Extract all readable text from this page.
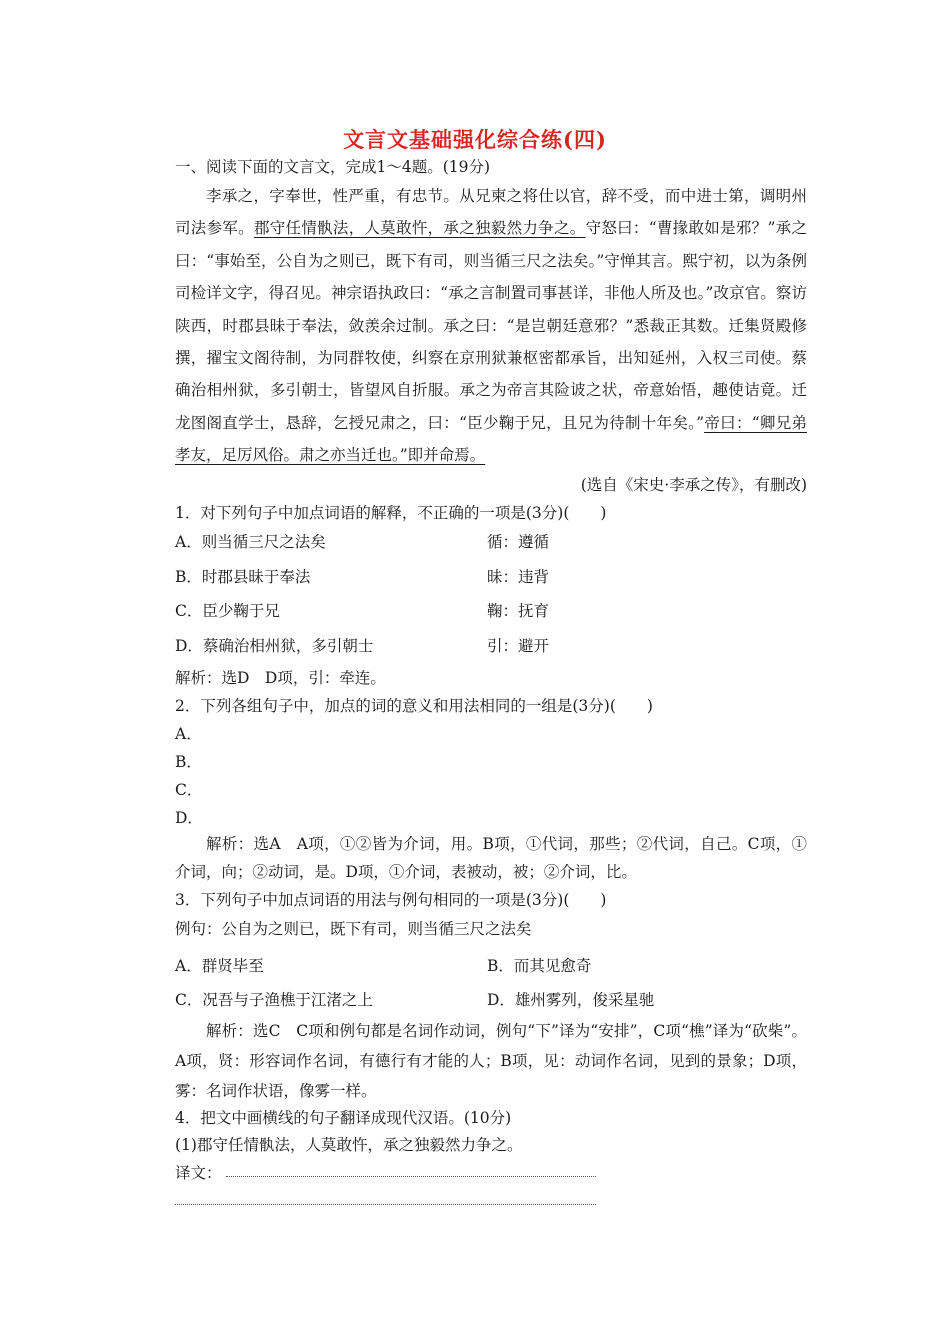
文言文基础强化综合练(四)
一、阅读下面的文言文，完成1～4题。(19分)

李承之，字奉世，性严重，有忠节。从兄柬之将仕以官，辞不受，而中进士第，调明州司法参军。郡守任情骫法，人莫敢忤，承之独毅然力争之。守怒曰：“曹掾敢如是邪？”承之曰：“事始至，公自为之则已，既下有司，则当循三尺之法矣。”守惮其言。熙宁初，以为条例司检详文字，得召见。神宗语执政曰：“承之言制置司事甚详，非他人所及也。”改京官。察访陕西，时郡县昧于奉法，敛羡余过制。承之曰：“是岂朝廷意邪？”悉裁正其数。迁集贤殿修撰，擢宝文阁待制，为同群牧使，纠察在京刑狱兼枢密都承旨，出知延州，入权三司使。蔡确治相州狱，多引朝士，皆望风自折服。承之为帝言其险诐之状，帝意始悟，趣使诘竟。迁龙图阁直学士，恳辞，乞授兄肃之，曰：“臣少鞠于兄，且兄为待制十年矣。”帝曰：“卿兄弟孝友，足厉风俗。肃之亦当迁也。”即并命焉。

(选自《宋史·李承之传》，有删改)
1．对下列句子中加点词语的解释，不正确的一项是(3分)(　　)
A．则当循三尺之法矣	循：遵循
B．时郡县昧于奉法	昧：违背
C．臣少鞠于兄	鞠：抚育
D．蔡确治相州狱，多引朝士	引：避开
解析：选D　D项，引：牵连。
2．下列各组句子中，加点的词的意义和用法相同的一组是(3分)(　　)
A．
B．
C．
D．

解析：选A　A项，①②皆为介词，用。B项，①代词，那些；②代词，自己。C项，①介词，向；②动词，是。D项，①介词，表被动，被；②介词，比。

3．下列句子中加点词语的用法与例句相同的一项是(3分)(　　)
例句：公自为之则已，既下有司，则当循三尺之法矣
A．群贤毕至	B．而其见愈奇
C．况吾与子渔樵于江渚之上	D．雄州雾列，俊采星驰

解析：选C　C项和例句都是名词作动词，例句“下”译为“安排”，C项“樵”译为“砍柴”。A项，贤：形容词作名词，有德行有才能的人；B项，见：动词作名词，见到的景象；D项，雾：名词作状语，像雾一样。

4．把文中画横线的句子翻译成现代汉语。(10分)
(1)郡守任情骫法，人莫敢忤，承之独毅然力争之。
译文：
